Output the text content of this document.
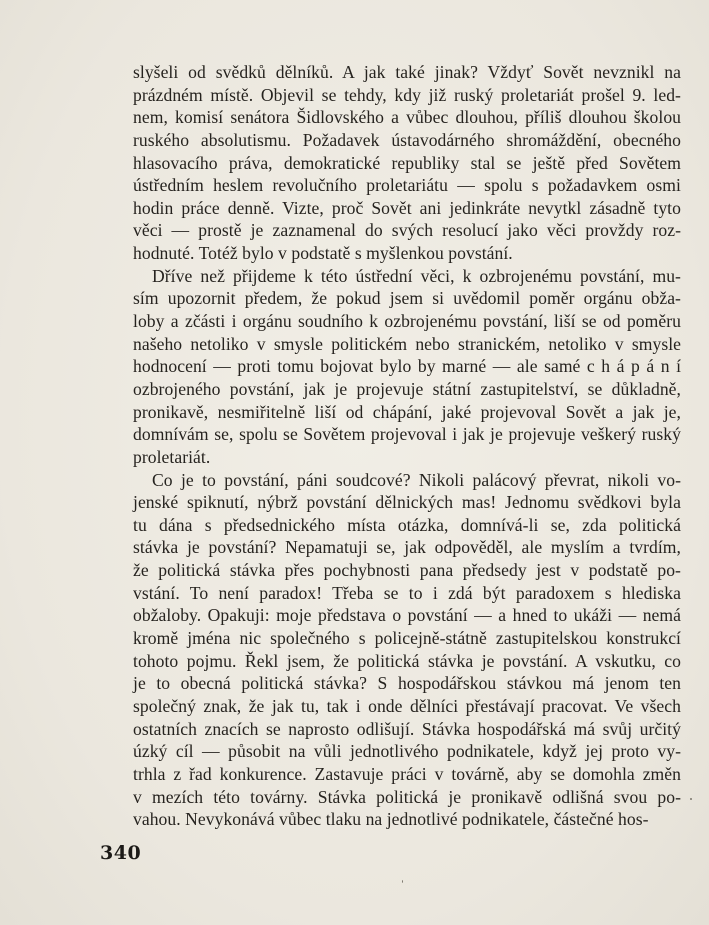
slyšeli od svědků dělníků. A jak také jinak? Vždyť Sovět nevznikl na
prázdném místě. Objevil se tehdy, kdy již ruský proletariát prošel 9. led-
nem, komisí senátora Šidlovského a vůbec dlouhou, příliš dlouhou školou
ruského absolutismu. Požadavek ústavodárného shromáždění, obecného
hlasovacího práva, demokratické republiky stal se ještě před Sovětem
ústředním heslem revolučního proletariátu — spolu s požadavkem osmi
hodin práce denně. Vizte, proč Sovět ani jedinkráte nevytkl zásadně tyto
věci — prostě je zaznamenal do svých resolucí jako věci provždy roz-
hodnuté. Totéž bylo v podstatě s myšlenkou povstání.
Dříve než přijdeme k této ústřední věci, k ozbrojenému povstání, mu-
sím upozornit předem, že pokud jsem si uvědomil poměr orgánu obža-
loby a zčásti i orgánu soudního k ozbrojenému povstání, liší se od poměru
našeho netoliko v smysle politickém nebo stranickém, netoliko v smysle
hodnocení — proti tomu bojovat bylo by marné — ale samé c h á p á n í
ozbrojeného povstání, jak je projevuje státní zastupitelství, se důkladně,
pronikavě, nesmiřitelně liší od chápání, jaké projevoval Sovět a jak je,
domnívám se, spolu se Sovětem projevoval i jak je projevuje veškerý ruský
proletariát.
Co je to povstání, páni soudcové? Nikoli palácový převrat, nikoli vo-
jenské spiknutí, nýbrž povstání dělnických mas! Jednomu svědkovi byla
tu dána s předsednického místa otázka, domnívá-li se, zda politická
stávka je povstání? Nepamatuji se, jak odpověděl, ale myslím a tvrdím,
že politická stávka přes pochybnosti pana předsedy jest v podstatě po-
vstání. To není paradox! Třeba se to i zdá být paradoxem s hlediska
obžaloby. Opakuji: moje představa o povstání — a hned to ukáži — nemá
kromě jména nic společného s policejně-státně zastupitelskou konstrukcí
tohoto pojmu. Řekl jsem, že politická stávka je povstání. A vskutku, co
je to obecná politická stávka? S hospodářskou stávkou má jenom ten
společný znak, že jak tu, tak i onde dělníci přestávají pracovat. Ve všech
ostatních znacích se naprosto odlišují. Stávka hospodářská má svůj určitý
úzký cíl — působit na vůli jednotlivého podnikatele, když jej proto vy-
trhla z řad konkurence. Zastavuje práci v továrně, aby se domohla změn
v mezích této továrny. Stávka politická je pronikavě odlišná svou po-
vahou. Nevykonává vůbec tlaku na jednotlivé podnikatele, částečné hos-
340
